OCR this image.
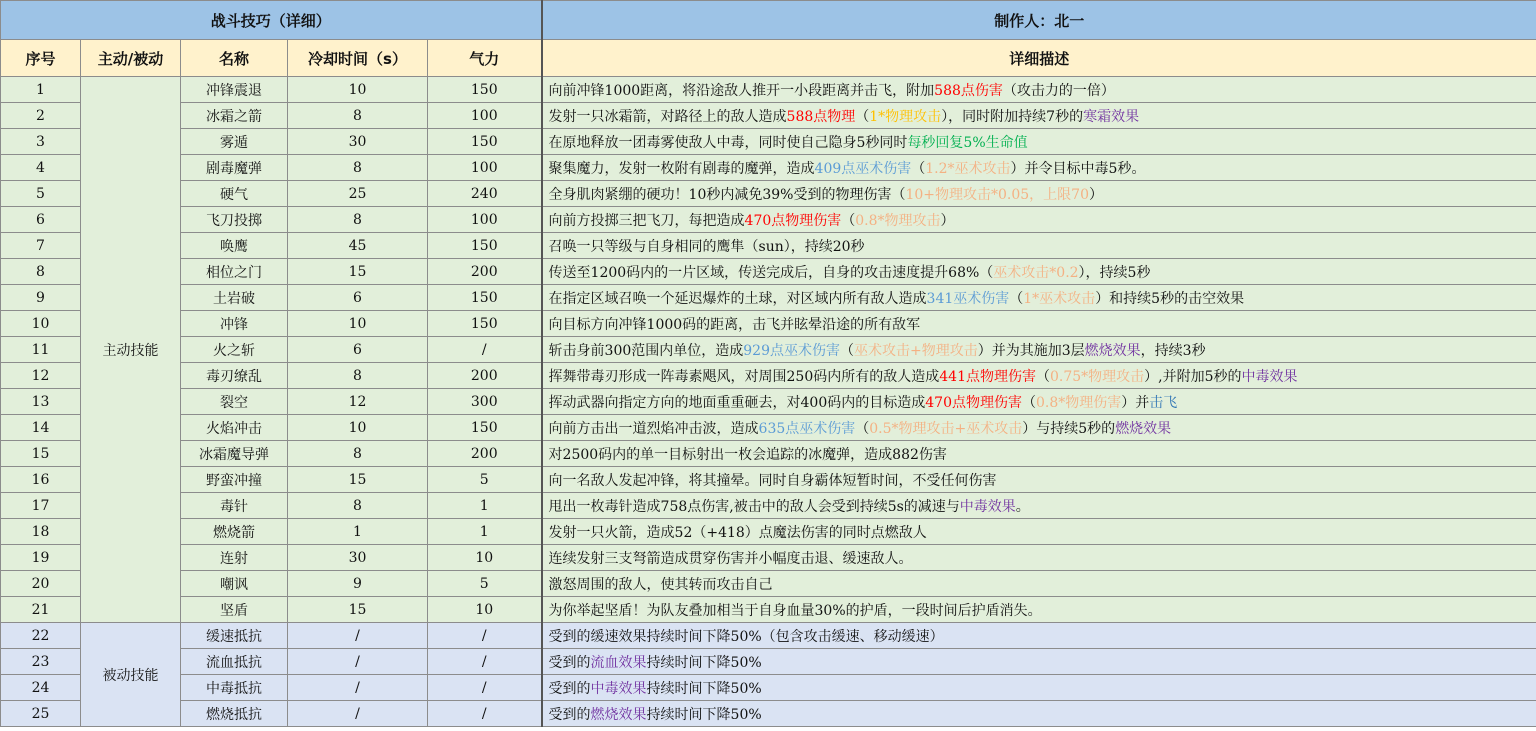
战斗技巧（详细）					制作人：北一
序号	主动/被动	名称	冷却时间（s）	气力	详细描述
1	主动技能	冲锋震退	10	150	向前冲锋1000距离，将沿途敌人推开一小段距离并击飞，附加588点伤害（攻击力的一倍）
2		冰霜之箭	8	100	发射一只冰霜箭，对路径上的敌人造成588点物理（1*物理攻击），同时附加持续7秒的寒霜效果
3		雾遁	30	150	在原地释放一团毒雾使敌人中毒，同时使自己隐身5秒同时每秒回复5%生命值
4		剧毒魔弹	8	100	聚集魔力，发射一枚附有剧毒的魔弹，造成409点巫术伤害（1.2*巫术攻击）并令目标中毒5秒。
5		硬气	25	240	全身肌肉紧绷的硬功！10秒内减免39%受到的物理伤害（10+物理攻击*0.05，上限70）
6		飞刀投掷	8	100	向前方投掷三把飞刀，每把造成470点物理伤害（0.8*物理攻击）
7		唤鹰	45	150	召唤一只等级与自身相同的鹰隼（sun），持续20秒
8		相位之门	15	200	传送至1200码内的一片区域，传送完成后，自身的攻击速度提升68%（巫术攻击*0.2），持续5秒
9		土岩破	6	150	在指定区域召唤一个延迟爆炸的土球，对区域内所有敌人造成341巫术伤害（1*巫术攻击）和持续5秒的击空效果
10		冲锋	10	150	向目标方向冲锋1000码的距离，击飞并眩晕沿途的所有敌军
11		火之斩	6	/	斩击身前300范围内单位，造成929点巫术伤害（巫术攻击+物理攻击）并为其施加3层燃烧效果，持续3秒
12		毒刃缭乱	8	200	挥舞带毒刃形成一阵毒素飓风，对周围250码内所有的敌人造成441点物理伤害（0.75*物理攻击）,并附加5秒的中毒效果
13		裂空	12	300	挥动武器向指定方向的地面重重砸去，对400码内的目标造成470点物理伤害（0.8*物理伤害）并击飞
14		火焰冲击	10	150	向前方击出一道烈焰冲击波，造成635点巫术伤害（0.5*物理攻击+巫术攻击）与持续5秒的燃烧效果
15		冰霜魔导弹	8	200	对2500码内的单一目标射出一枚会追踪的冰魔弹，造成882伤害
16		野蛮冲撞	15	5	向一名敌人发起冲锋，将其撞晕。同时自身霸体短暂时间，不受任何伤害
17		毒针	8	1	甩出一枚毒针造成758点伤害,被击中的敌人会受到持续5s的减速与中毒效果。
18		燃烧箭	1	1	发射一只火箭，造成52（+418）点魔法伤害的同时点燃敌人
19		连射	30	10	连续发射三支弩箭造成贯穿伤害并小幅度击退、缓速敌人。
20		嘲讽	9	5	激怒周围的敌人，使其转而攻击自己
21		坚盾	15	10	为你举起坚盾！为队友叠加相当于自身血量30%的护盾，一段时间后护盾消失。
22	被动技能	缓速抵抗	/	/	受到的缓速效果持续时间下降50%（包含攻击缓速、移动缓速）
23		流血抵抗	/	/	受到的流血效果持续时间下降50%
24		中毒抵抗	/	/	受到的中毒效果持续时间下降50%
25		燃烧抵抗	/	/	受到的燃烧效果持续时间下降50%
